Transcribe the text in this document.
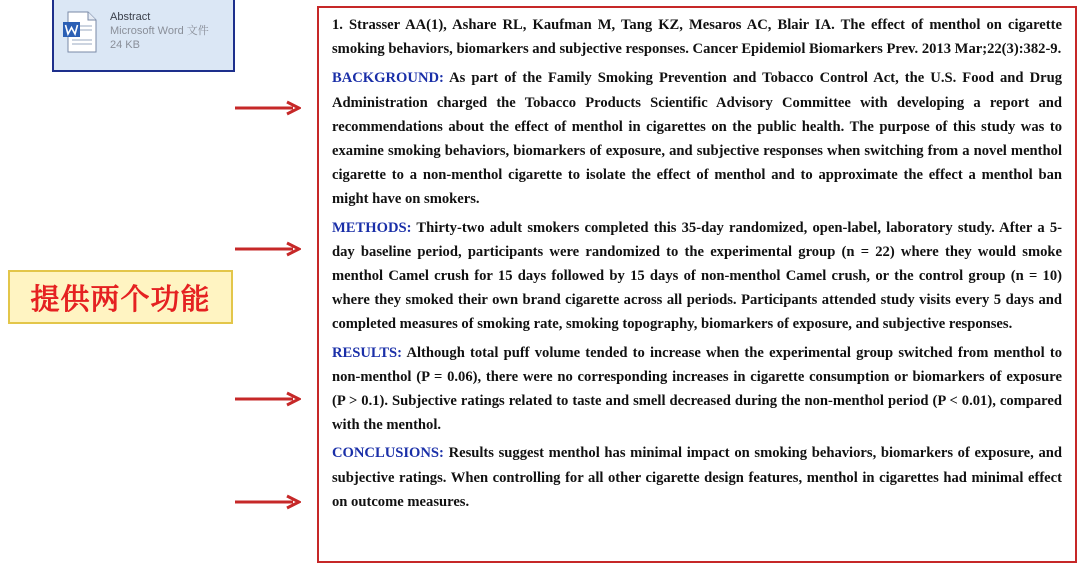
Abstract
Microsoft Word 文件
24 KB
提供两个功能

1. Strasser AA(1), Ashare RL, Kaufman M, Tang KZ, Mesaros AC, Blair IA. The effect of menthol on cigarette smoking behaviors, biomarkers and subjective responses. Cancer Epidemiol Biomarkers Prev. 2013 Mar;22(3):382-9.

BACKGROUND: As part of the Family Smoking Prevention and Tobacco Control Act, the U.S. Food and Drug Administration charged the Tobacco Products Scientific Advisory Committee with developing a report and recommendations about the effect of menthol in cigarettes on the public health. The purpose of this study was to examine smoking behaviors, biomarkers of exposure, and subjective responses when switching from a novel menthol cigarette to a non-menthol cigarette to isolate the effect of menthol and to approximate the effect a menthol ban might have on smokers.

METHODS: Thirty-two adult smokers completed this 35-day randomized, open-label, laboratory study. After a 5-day baseline period, participants were randomized to the experimental group (n = 22) where they would smoke menthol Camel crush for 15 days followed by 15 days of non-menthol Camel crush, or the control group (n = 10) where they smoked their own brand cigarette across all periods. Participants attended study visits every 5 days and completed measures of smoking rate, smoking topography, biomarkers of exposure, and subjective responses.

RESULTS: Although total puff volume tended to increase when the experimental group switched from menthol to non-menthol (P = 0.06), there were no corresponding increases in cigarette consumption or biomarkers of exposure (P > 0.1). Subjective ratings related to taste and smell decreased during the non-menthol period (P < 0.01), compared with the menthol.

CONCLUSIONS: Results suggest menthol has minimal impact on smoking behaviors, biomarkers of exposure, and subjective ratings. When controlling for all other cigarette design features, menthol in cigarettes had minimal effect on outcome measures.
